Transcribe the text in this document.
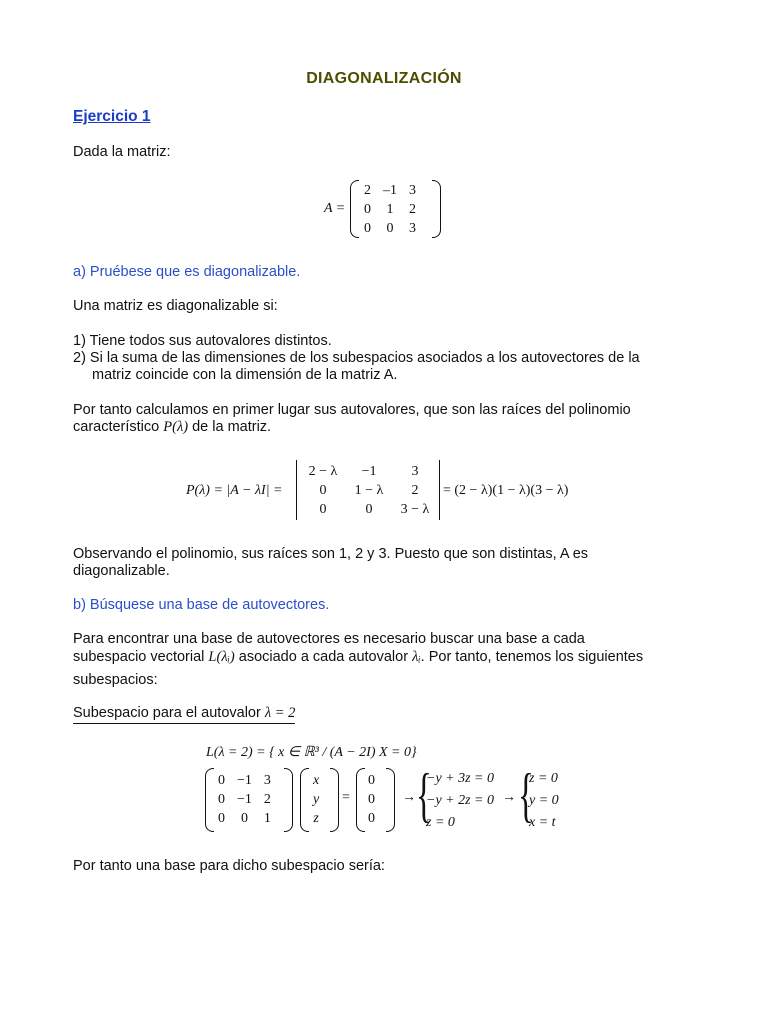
DIAGONALIZACIÓN
Ejercicio 1
Dada la matriz:
A =
2	–1	3
0	1	2
0	0	3
a) Pruébese que es diagonalizable.
Una matriz es diagonalizable si:
1) Tiene todos sus autovalores distintos.
2) Si la suma de las dimensiones de los subespacios asociados a los autovectores de la
matriz coincide con la dimensión de la matriz A.
Por tanto calculamos en primer lugar sus autovalores, que son las raíces del polinomio
característico P(λ) de la matriz.
P(λ) = |A − λI| =
2 − λ	−1	3
0	1 − λ	2
0	0	3 − λ
= (2 − λ)(1 − λ)(3 − λ)
Observando el polinomio, sus raíces son 1, 2 y 3. Puesto que son distintas, A es
diagonalizable.
b) Búsquese una base de autovectores.
Para encontrar una base de autovectores es necesario buscar una base a cada
subespacio vectorial L(λᵢ) asociado a cada autovalor λᵢ. Por tanto, tenemos los siguientes
subespacios:
Subespacio para el autovalor λ = 2
L(λ = 2) = { x ∈ ℝ³ / (A − 2I) X = 0}
0	−1	3
0	−1	2
0	0	1
x
y
z
=
0
0
0
→ {
−y + 3z = 0
−y + 2z = 0
z = 0
→ {
z = 0
y = 0
x = t
Por tanto una base para dicho subespacio sería:
